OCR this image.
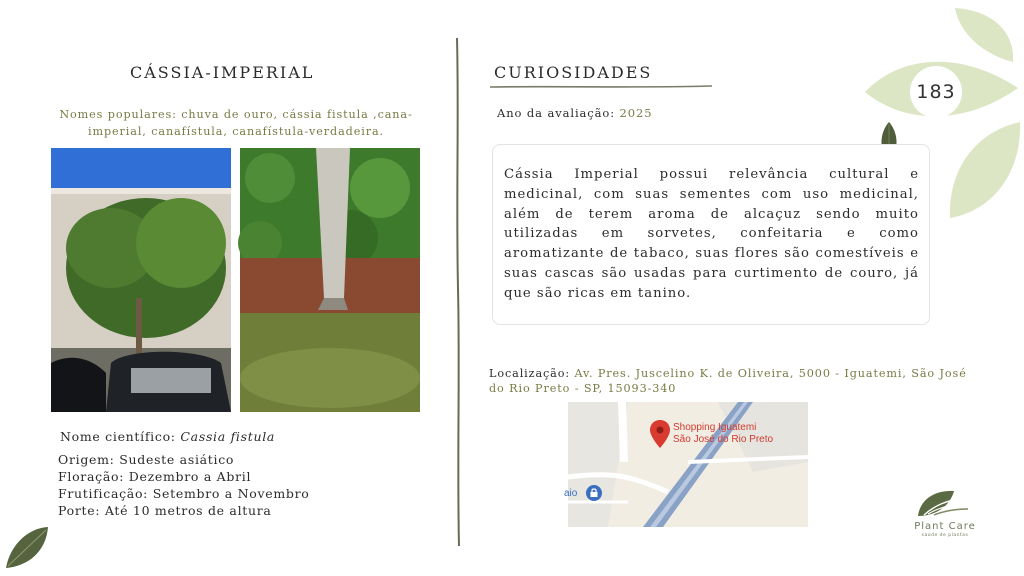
183
CÁSSIA-IMPERIAL
Nomes populares: chuva de ouro, cássia fistula ,cana-imperial, canafístula, canafístula-verdadeira.
Nome científico: Cassia fistula
Origem: Sudeste asiático
Floração: Dezembro a Abril
Frutificação: Setembro a Novembro
Porte: Até 10 metros de altura
CURIOSIDADES
Ano da avaliação: 2025

Cássia Imperial possui relevância cultural e medicinal, com suas sementes com uso medicinal, além de terem aroma de alcaçuz sendo muito utilizadas em sorvetes, confeitaria e como aromatizante de tabaco, suas flores são comestíveis e suas cascas são usadas para curtimento de couro, já que são ricas em tanino.

Localização: Av. Pres. Juscelino K. de Oliveira, 5000 - Iguatemi, São José do Rio Preto - SP, 15093-340
Shopping Iguatemi
São José do Rio Preto
aio
Plant Care
saúde de plantas
